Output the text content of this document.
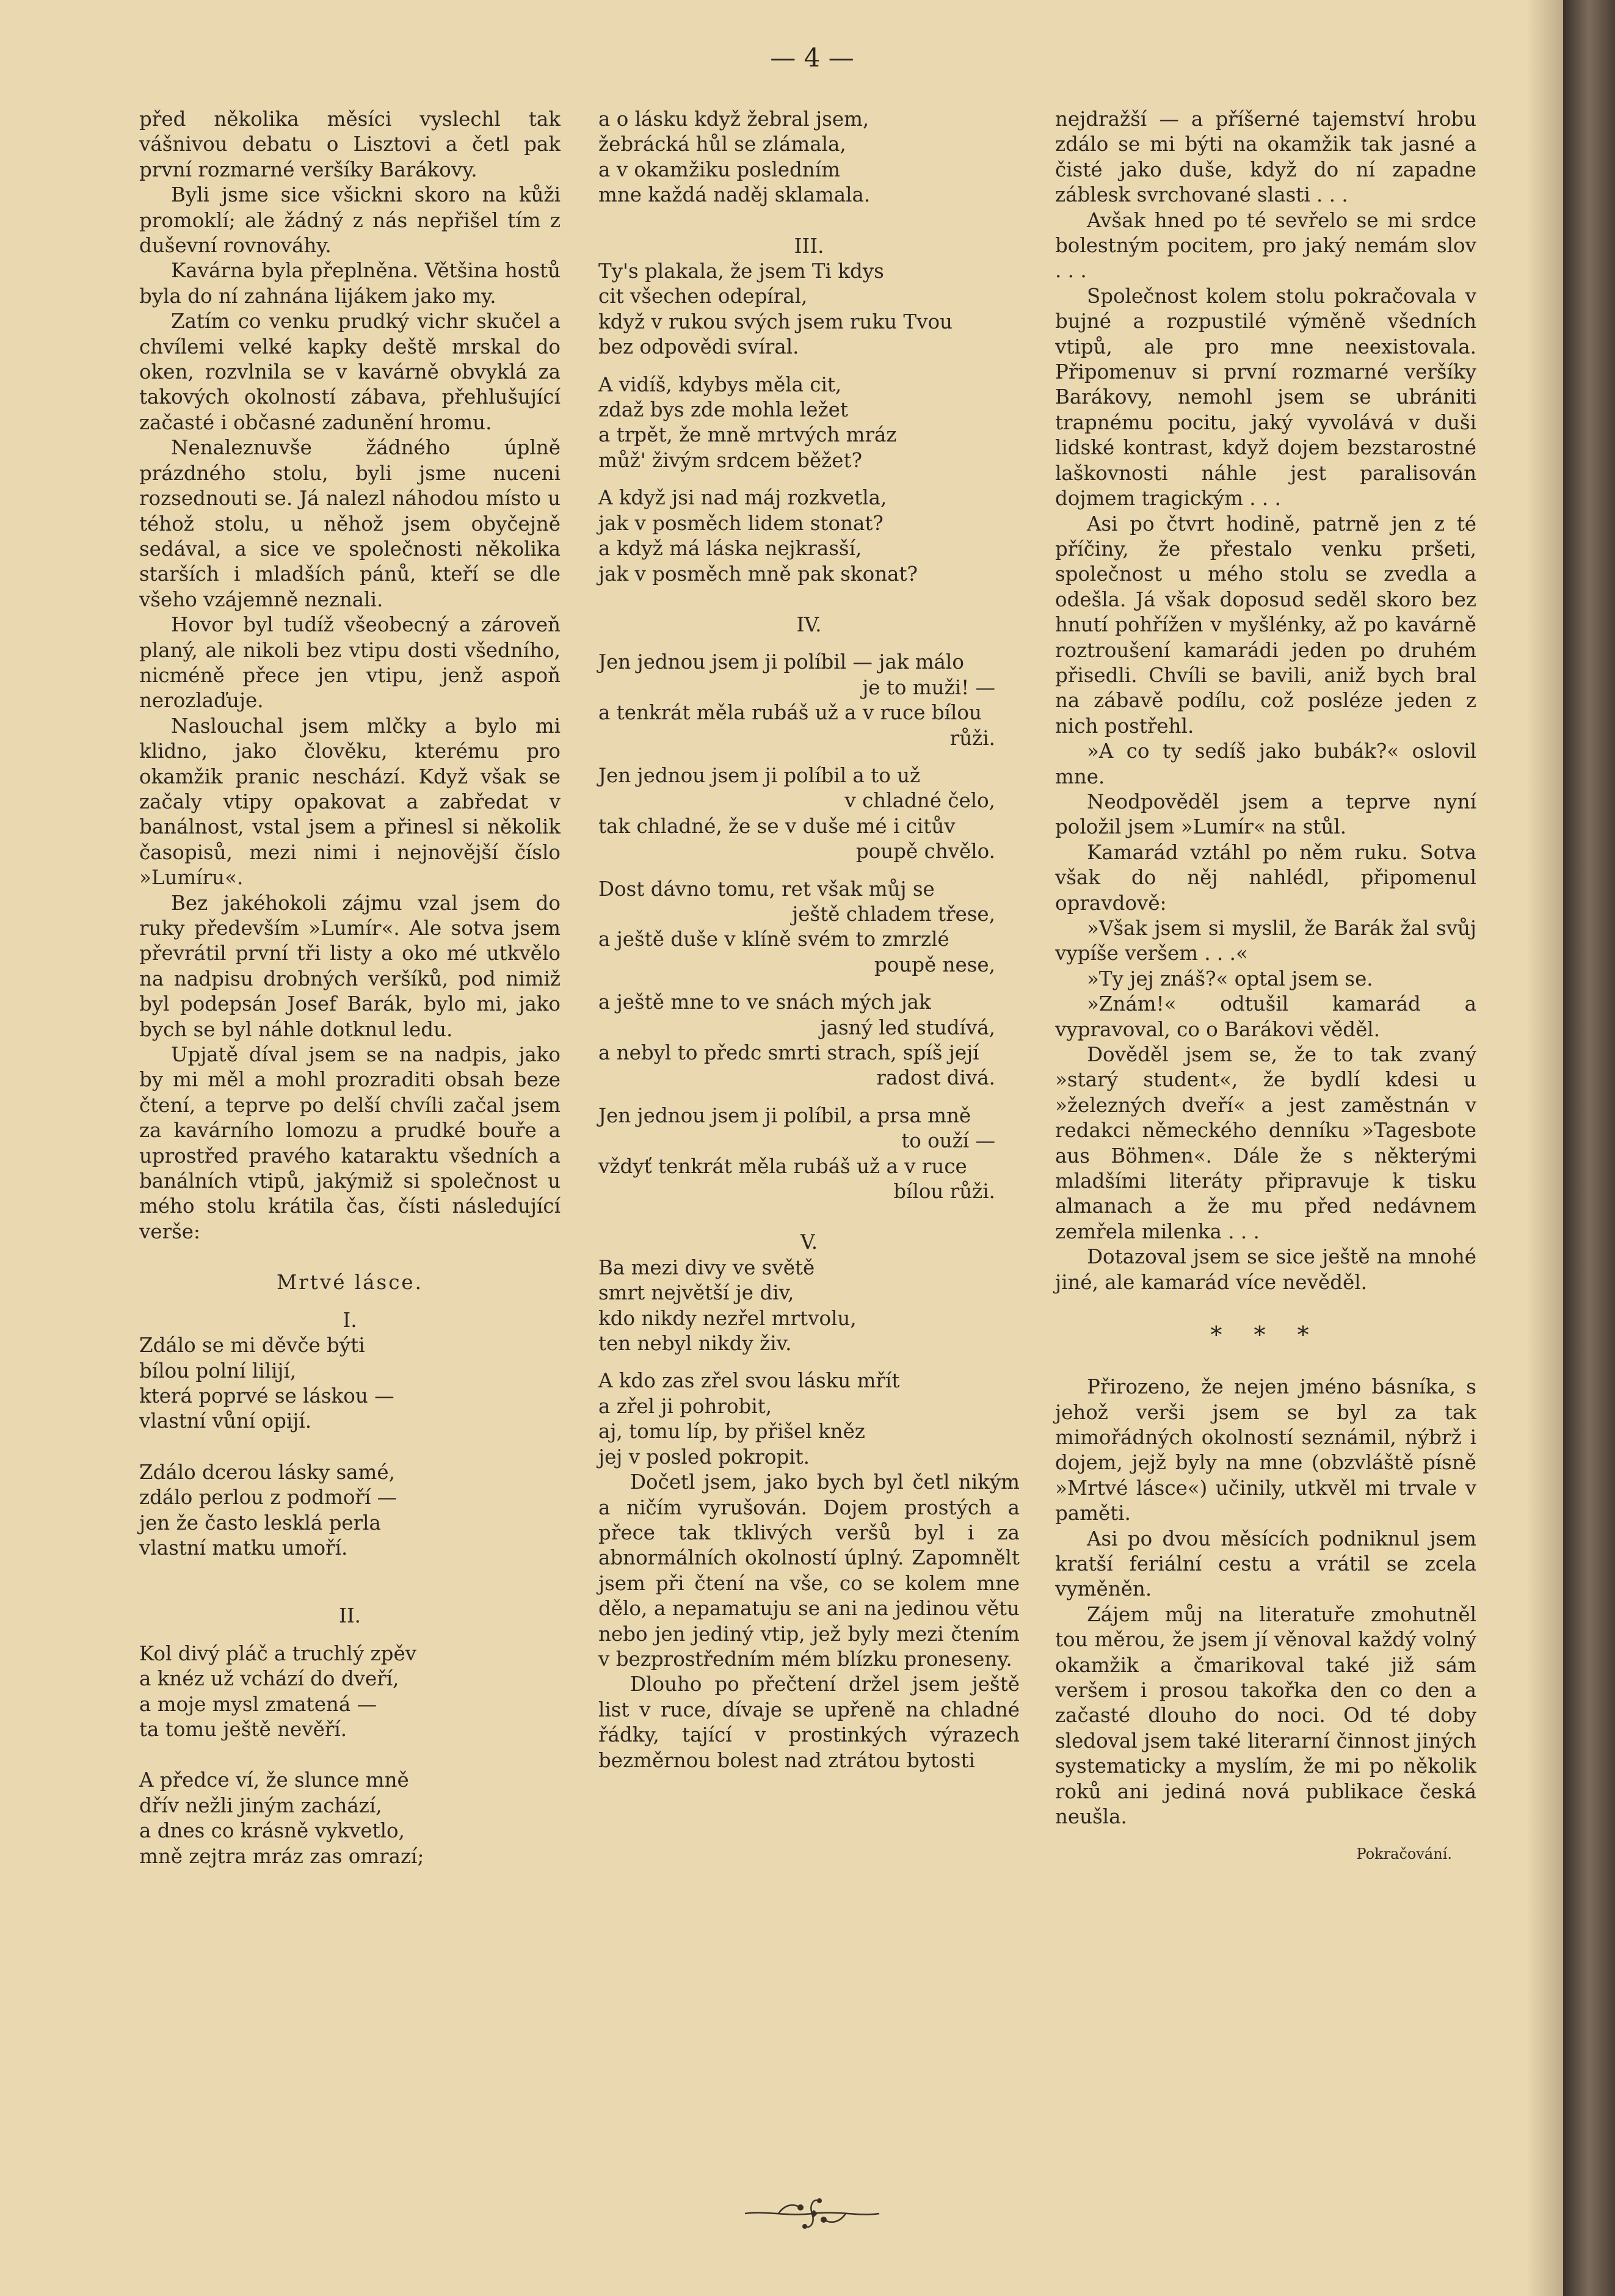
— 4 —

před několika měsíci vyslechl tak vášnivou debatu o Lisztovi a četl pak první rozmarné veršíky Barákovy.

Byli jsme sice všickni skoro na kůži promoklí; ale žádný z nás nepřišel tím z duševní rovnováhy.

Kavárna byla přeplněna. Většina hostů byla do ní zahnána lijákem jako my.

Zatím co venku prudký vichr skučel a chvílemi velké kapky deště mrskal do oken, rozvlnila se v kavárně obvyklá za takových okolností zábava, přehlušující začasté i občasné zadunění hromu.

Nenaleznuvše žádného úplně prázdného stolu, byli jsme nuceni rozsednouti se. Já nalezl náhodou místo u téhož stolu, u něhož jsem obyčejně sedával, a sice ve společnosti několika starších i mladších pánů, kteří se dle všeho vzájemně neznali.

Hovor byl tudíž všeobecný a zároveň planý, ale nikoli bez vtipu dosti všedního, nicméně přece jen vtipu, jenž aspoň nerozlaďuje.

Naslouchal jsem mlčky a bylo mi klidno, jako člověku, kterému pro okamžik pranic neschází. Když však se začaly vtipy opakovat a zabředat v banálnost, vstal jsem a přinesl si několik časopisů, mezi nimi i nejnovější číslo »Lumíru«.

Bez jakéhokoli zájmu vzal jsem do ruky především »Lumír«. Ale sotva jsem převrátil první tři listy a oko mé utkvělo na nadpisu drobných veršíků, pod nimiž byl podepsán Josef Barák, bylo mi, jako bych se byl náhle dotknul ledu.

Upjatě díval jsem se na nadpis, jako by mi měl a mohl prozraditi obsah beze čtení, a teprve po delší chvíli začal jsem za kavárního lomozu a prudké bouře a uprostřed pravého kataraktu všedních a banálních vtipů, jakýmiž si společnost u mého stolu krátila čas, čísti následující verše:

Mrtvé lásce.
I.
Zdálo se mi děvče býti
bílou polní lilijí,
která poprvé se láskou —
vlastní vůní opijí.
Zdálo dcerou lásky samé,
zdálo perlou z podmoří —
jen že často lesklá perla
vlastní matku umoří.
II.
Kol divý pláč a truchlý zpěv
a knéz už vchází do dveří,
a moje mysl zmatená —
ta tomu ještě nevěří.
A předce ví, že slunce mně
dřív nežli jiným zachází,
a dnes co krásně vykvetlo,
mně zejtra mráz zas omrazí;
a o lásku když žebral jsem,
žebrácká hůl se zlámala,
a v okamžiku posledním
mne každá naděj sklamala.
III.
Ty's plakala, že jsem Ti kdys
cit všechen odepíral,
když v rukou svých jsem ruku Tvou
bez odpovědi svíral.
A vidíš, kdybys měla cit,
zdaž bys zde mohla ležet
a trpět, že mně mrtvých mráz
můž' živým srdcem běžet?
A když jsi nad máj rozkvetla,
jak v posměch lidem stonat?
a když má láska nejkrasší,
jak v posměch mně pak skonat?
IV.
Jen jednou jsem ji políbil — jak málo
je to muži! —
a tenkrát měla rubáš už a v ruce bílou
růži.
Jen jednou jsem ji políbil a to už
v chladné čelo,
tak chladné, že se v duše mé i citův
poupě chvělo.
Dost dávno tomu, ret však můj se
ještě chladem třese,
a ještě duše v klíně svém to zmrzlé
poupě nese,
a ještě mne to ve snách mých jak
jasný led studívá,
a nebyl to předc smrti strach, spíš její
radost divá.
Jen jednou jsem ji políbil, a prsa mně
to ouží —
vždyť tenkrát měla rubáš už a v ruce
bílou růži.
V.
Ba mezi divy ve světě
smrt největší je div,
kdo nikdy nezřel mrtvolu,
ten nebyl nikdy živ.
A kdo zas zřel svou lásku mřít
a zřel ji pohrobit,
aj, tomu líp, by přišel kněz
jej v posled pokropit.

Dočetl jsem, jako bych byl četl nikým a ničím vyrušován. Dojem prostých a přece tak tklivých veršů byl i za abnormálních okolností úplný. Zapomnělt jsem při čtení na vše, co se kolem mne dělo, a nepamatuju se ani na jedinou větu nebo jen jediný vtip, jež byly mezi čtením v bezprostředním mém blízku proneseny.

Dlouho po přečtení držel jsem ještě list v ruce, dívaje se upřeně na chladné řádky, tající v prostinkých výrazech bezměrnou bolest nad ztrátou bytosti

nejdražší — a příšerné tajemství hrobu zdálo se mi býti na okamžik tak jasné a čisté jako duše, když do ní zapadne záblesk svrchované slasti . . .

Avšak hned po té sevřelo se mi srdce bolestným pocitem, pro jaký nemám slov . . .

Společnost kolem stolu pokračovala v bujné a rozpustilé výměně všedních vtipů, ale pro mne neexistovala. Připomenuv si první rozmarné veršíky Barákovy, nemohl jsem se ubrániti trapnému pocitu, jaký vyvolává v duši lidské kontrast, když dojem bezstarostné laškovnosti náhle jest paralisován dojmem tragickým . . .

Asi po čtvrt hodině, patrně jen z té příčiny, že přestalo venku pršeti, společnost u mého stolu se zvedla a odešla. Já však doposud seděl skoro bez hnutí pohřížen v myšlénky, až po kavárně roztroušení kamarádi jeden po druhém přisedli. Chvíli se bavili, aniž bych bral na zábavě podílu, což posléze jeden z nich postřehl.

»A co ty sedíš jako bubák?« oslovil mne.

Neodpověděl jsem a teprve nyní položil jsem »Lumír« na stůl.

Kamarád vztáhl po něm ruku. Sotva však do něj nahlédl, připomenul opravdově:

»Však jsem si myslil, že Barák žal svůj vypíše veršem . . .«

»Ty jej znáš?« optal jsem se.

»Znám!« odtušil kamarád a vypravoval, co o Barákovi věděl.

Dověděl jsem se, že to tak zvaný »starý student«, že bydlí kdesi u »železných dveří« a jest zaměstnán v redakci německého denníku »Tagesbote aus Böhmen«. Dále že s některými mladšími literáty připravuje k tisku almanach a že mu před nedávnem zemřela milenka . . .

Dotazoval jsem se sice ještě na mnohé jiné, ale kamarád více nevěděl.

* * *

Přirozeno, že nejen jméno básníka, s jehož verši jsem se byl za tak mimořádných okolností seznámil, nýbrž i dojem, jejž byly na mne (obzvláště písně »Mrtvé lásce«) učinily, utkvěl mi trvale v paměti.

Asi po dvou měsících podniknul jsem kratší feriální cestu a vrátil se zcela vyměněn.

Zájem můj na literatuře zmohutněl tou měrou, že jsem jí věnoval každý volný okamžik a čmarikoval také již sám veršem i prosou takořka den co den a začasté dlouho do noci. Od té doby sledoval jsem také literarní činnost jiných systematicky a myslím, že mi po několik roků ani jediná nová publikace česká neušla.

Pokračování.
